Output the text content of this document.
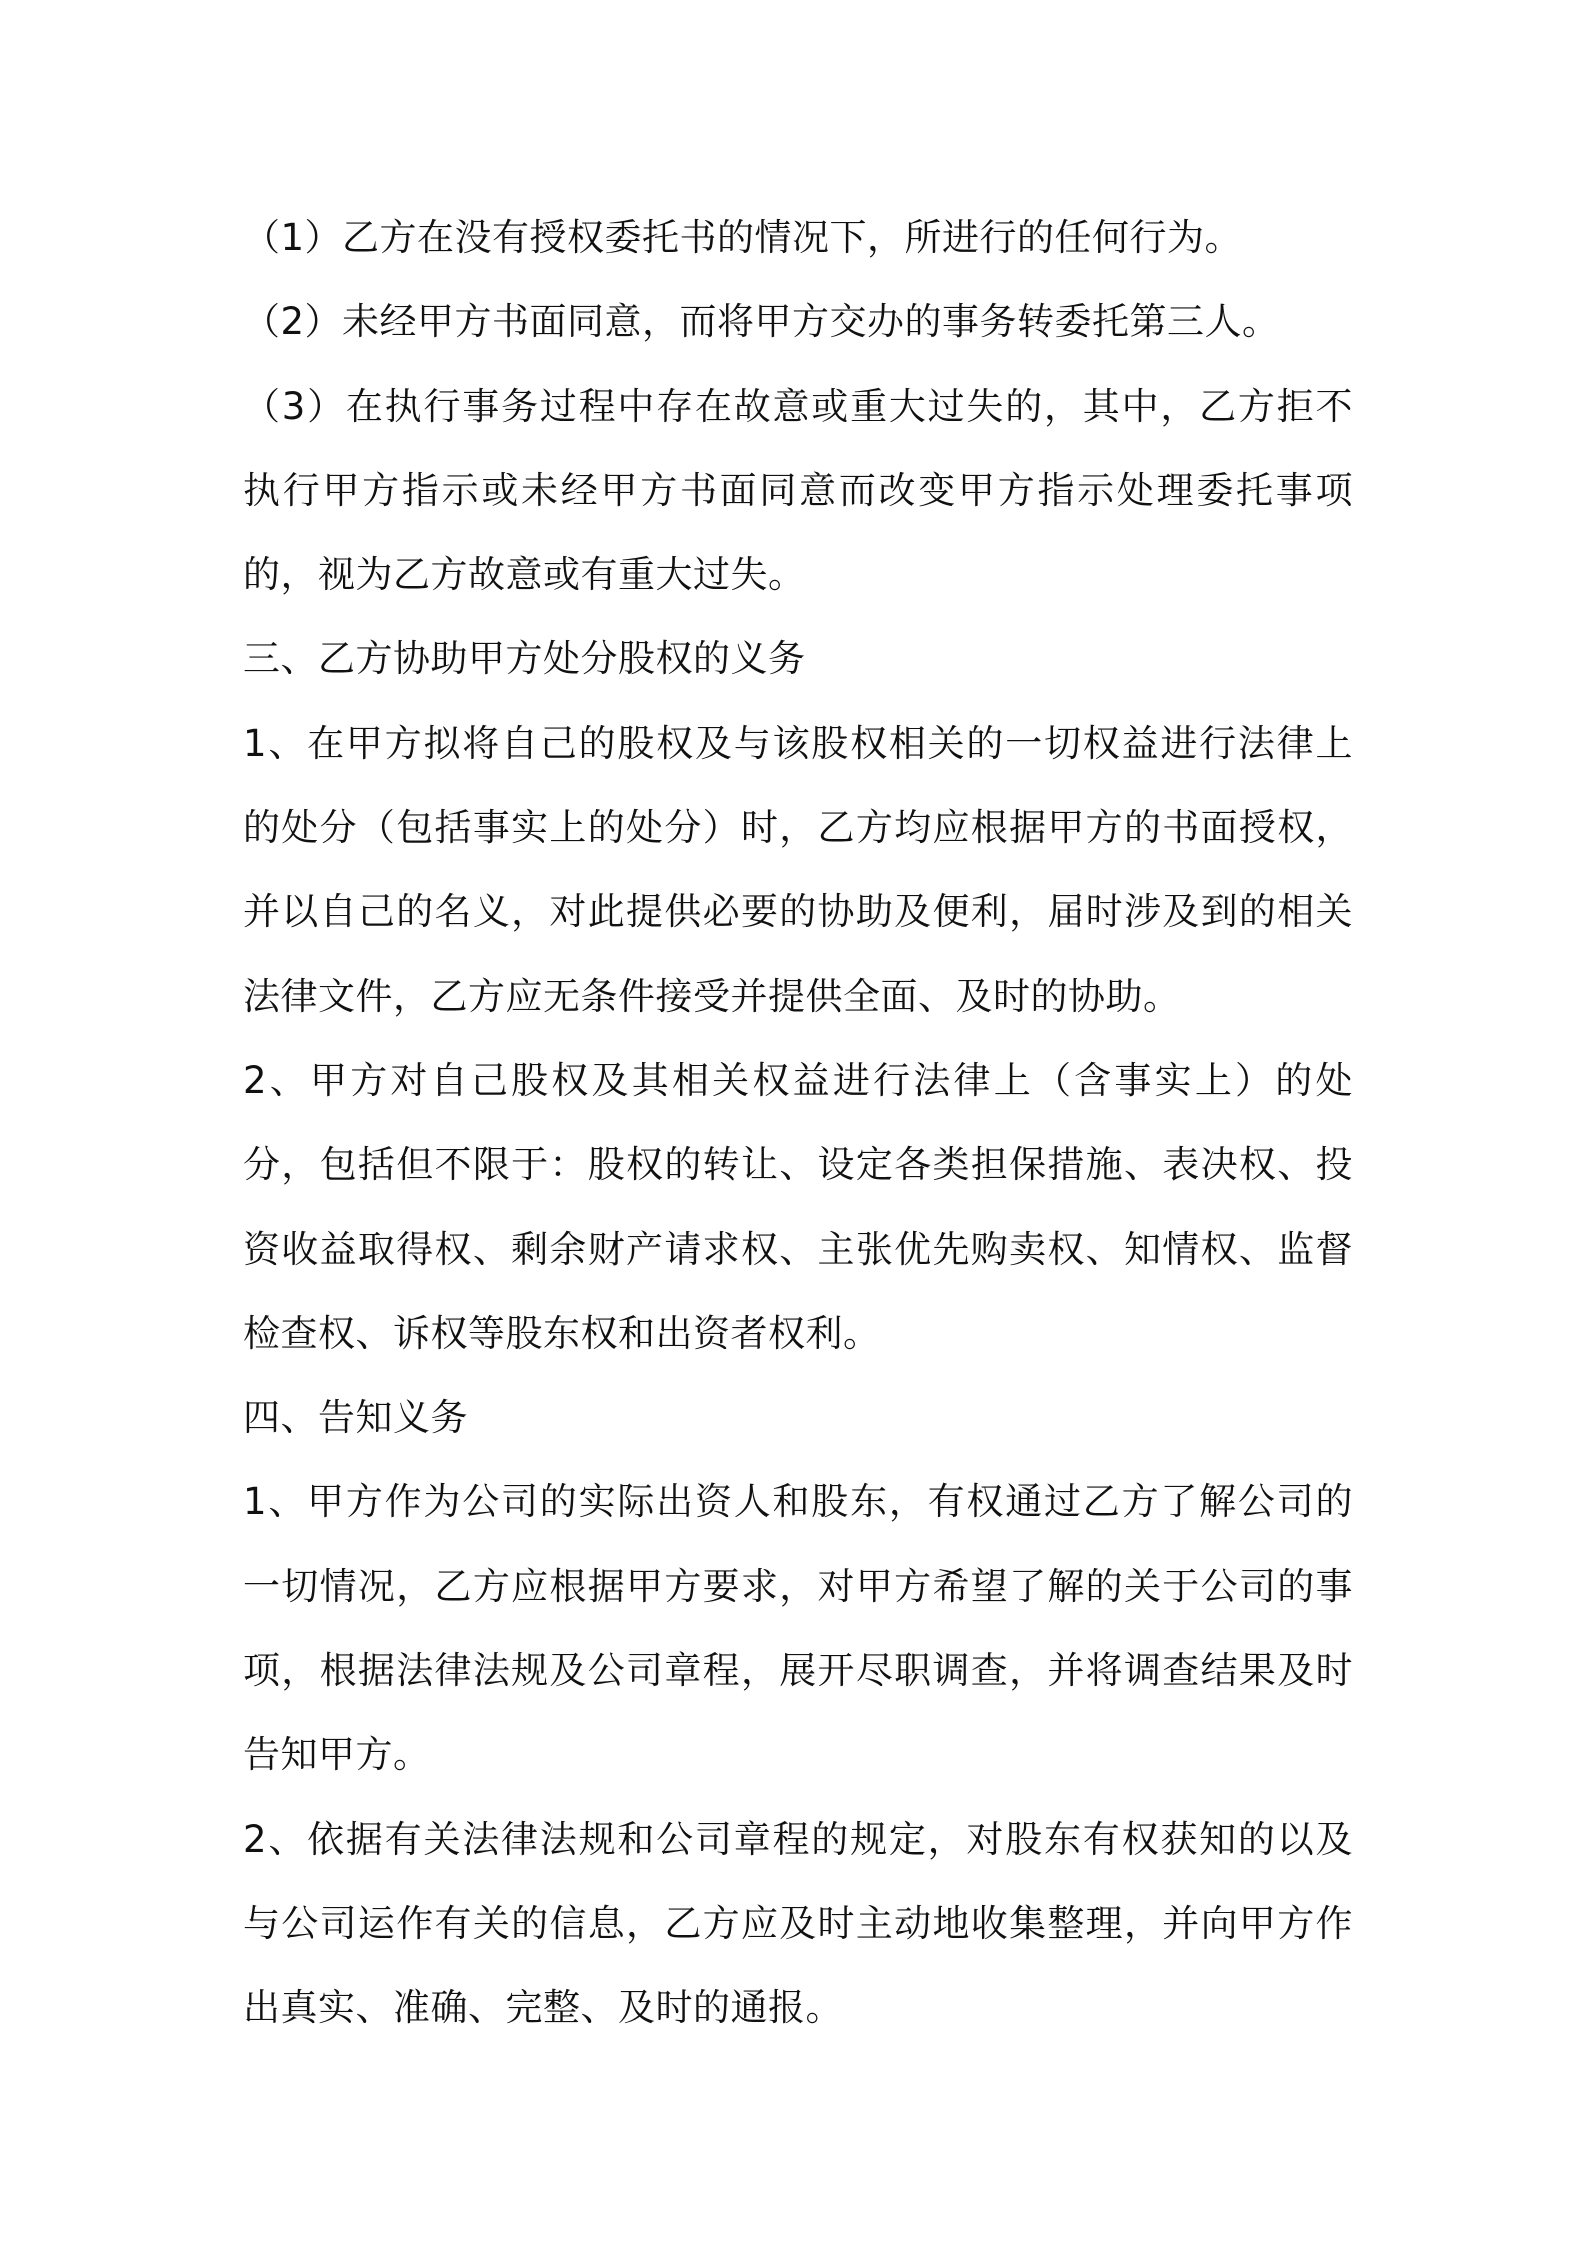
（1）乙方在没有授权委托书的情况下，所进行的任何行为。

（2）未经甲方书面同意，而将甲方交办的事务转委托第三人。

（3）在执行事务过程中存在故意或重大过失的，其中，乙方拒不执行甲方指示或未经甲方书面同意而改变甲方指示处理委托事项的，视为乙方故意或有重大过失。

三、乙方协助甲方处分股权的义务

1、在甲方拟将自己的股权及与该股权相关的一切权益进行法律上的处分（包括事实上的处分）时，乙方均应根据甲方的书面授权，并以自己的名义，对此提供必要的协助及便利，届时涉及到的相关法律文件，乙方应无条件接受并提供全面、及时的协助。

2、甲方对自己股权及其相关权益进行法律上（含事实上）的处分，包括但不限于：股权的转让、设定各类担保措施、表决权、投资收益取得权、剩余财产请求权、主张优先购卖权、知情权、监督检查权、诉权等股东权和出资者权利。

四、告知义务

1、甲方作为公司的实际出资人和股东，有权通过乙方了解公司的一切情况，乙方应根据甲方要求，对甲方希望了解的关于公司的事项，根据法律法规及公司章程，展开尽职调查，并将调查结果及时告知甲方。

2、依据有关法律法规和公司章程的规定，对股东有权获知的以及与公司运作有关的信息，乙方应及时主动地收集整理，并向甲方作出真实、准确、完整、及时的通报。
